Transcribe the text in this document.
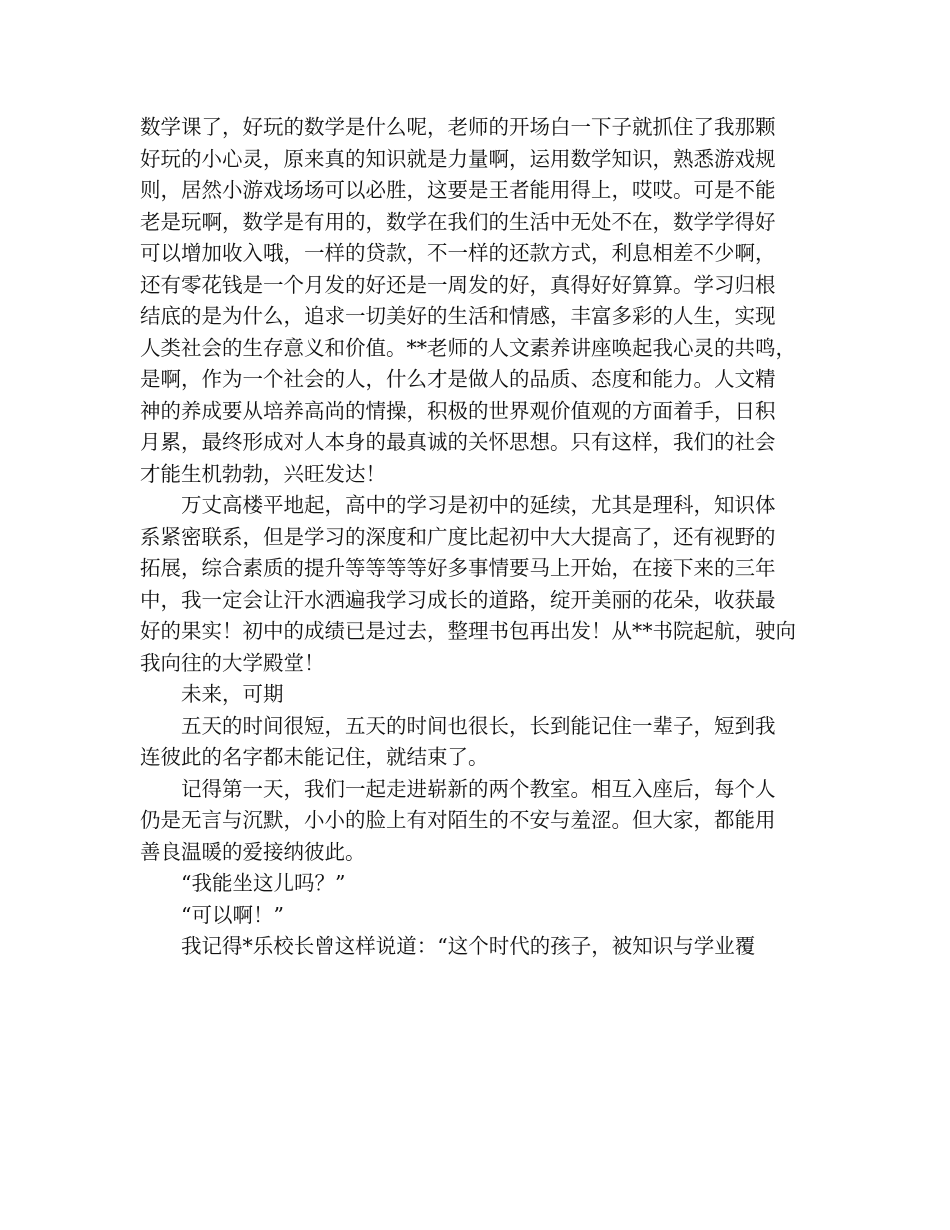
数学课了，好玩的数学是什么呢，老师的开场白一下子就抓住了我那颗
好玩的小心灵，原来真的知识就是力量啊，运用数学知识，熟悉游戏规
则，居然小游戏场场可以必胜，这要是王者能用得上，哎哎。可是不能
老是玩啊，数学是有用的，数学在我们的生活中无处不在，数学学得好
可以增加收入哦，一样的贷款，不一样的还款方式，利息相差不少啊，
还有零花钱是一个月发的好还是一周发的好，真得好好算算。学习归根
结底的是为什么，追求一切美好的生活和情感，丰富多彩的人生，实现
人类社会的生存意义和价值。**老师的人文素养讲座唤起我心灵的共鸣，
是啊，作为一个社会的人，什么才是做人的品质、态度和能力。人文精
神的养成要从培养高尚的情操，积极的世界观价值观的方面着手，日积
月累，最终形成对人本身的最真诚的关怀思想。只有这样，我们的社会
才能生机勃勃，兴旺发达！
万丈高楼平地起，高中的学习是初中的延续，尤其是理科，知识体
系紧密联系，但是学习的深度和广度比起初中大大提高了，还有视野的
拓展，综合素质的提升等等等等好多事情要马上开始，在接下来的三年
中，我一定会让汗水洒遍我学习成长的道路，绽开美丽的花朵，收获最
好的果实！初中的成绩已是过去，整理书包再出发！从**书院起航，驶向
我向往的大学殿堂！
未来，可期
五天的时间很短，五天的时间也很长，长到能记住一辈子，短到我
连彼此的名字都未能记住，就结束了。
记得第一天，我们一起走进崭新的两个教室。相互入座后，每个人
仍是无言与沉默，小小的脸上有对陌生的不安与羞涩。但大家，都能用
善良温暖的爱接纳彼此。
“我能坐这儿吗？”
“可以啊！”
我记得*乐校长曾这样说道：“这个时代的孩子，被知识与学业覆
